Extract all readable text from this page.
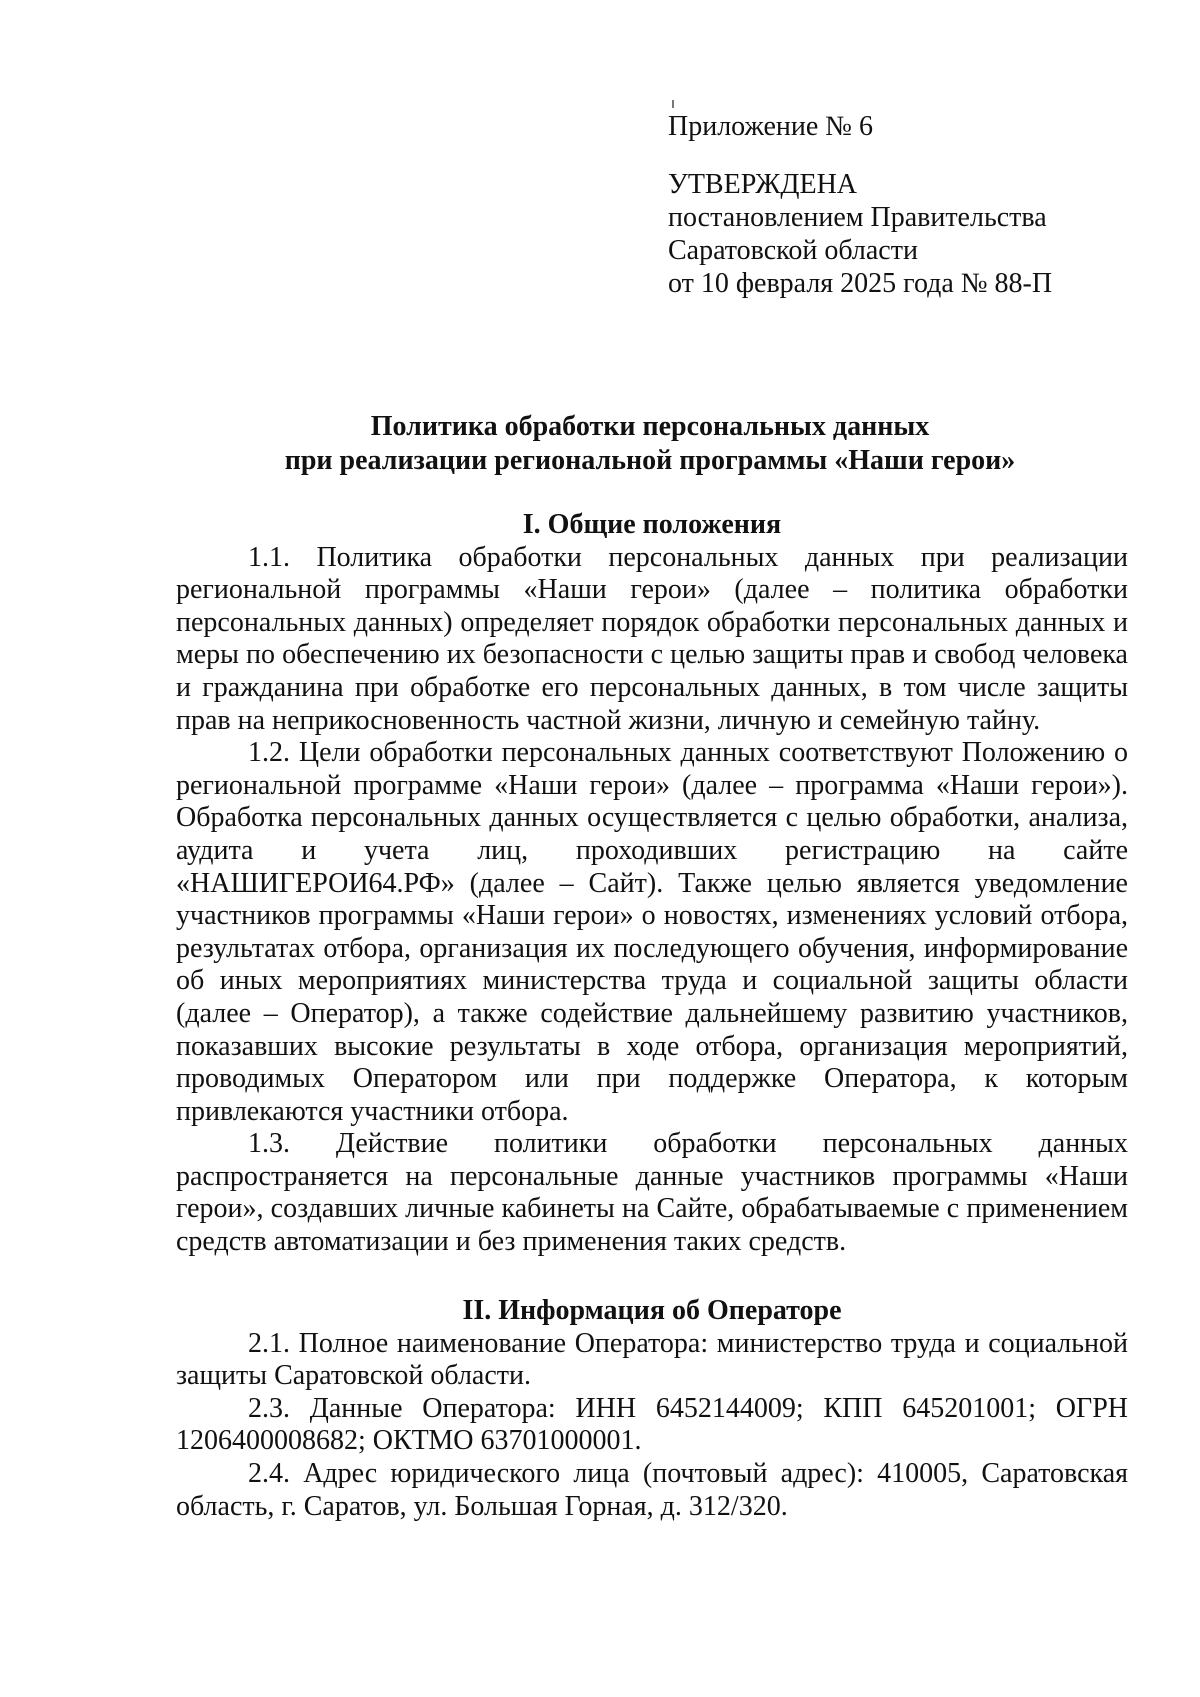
Приложение № 6
УТВЕРЖДЕНА
постановлением Правительства
Саратовской области
от 10 февраля 2025 года № 88-П
Политика обработки персональных данных
при реализации региональной программы «Наши герои»

I. Общие положения

1.1. Политика обработки персональных данных при реализации региональной программы «Наши герои» (далее – политика обработки персональных данных) определяет порядок обработки персональных данных и меры по обеспечению их безопасности с целью защиты прав и свобод человека и гражданина при обработке его персональных данных, в том числе защиты прав на неприкосновенность частной жизни, личную и семейную тайну.

1.2. Цели обработки персональных данных соответствуют Положению о региональной программе «Наши герои» (далее – программа «Наши герои»). Обработка персональных данных осуществляется с целью обработки, анализа, аудита и учета лиц, проходивших регистрацию на сайте «НАШИГЕРОИ64.РФ» (далее – Сайт). Также целью является уведомление участников программы «Наши герои» о новостях, изменениях условий отбора, результатах отбора, организация их последующего обучения, информирование об иных мероприятиях министерства труда и социальной защиты области (далее – Оператор), а также содействие дальнейшему развитию участников, показавших высокие результаты в ходе отбора, организация мероприятий, проводимых Оператором или при поддержке Оператора, к которым привлекаются участники отбора.

1.3. Действие политики обработки персональных данных распространяется на персональные данные участников программы «Наши герои», создавших личные кабинеты на Сайте, обрабатываемые с применением средств автоматизации и без применения таких средств.

II. Информация об Операторе

2.1. Полное наименование Оператора: министерство труда и социальной защиты Саратовской области.

2.3. Данные Оператора: ИНН 6452144009; КПП 645201001; ОГРН 1206400008682; ОКТМО 63701000001.

2.4. Адрес юридического лица (почтовый адрес): 410005, Саратовская область, г. Саратов, ул. Большая Горная, д. 312/320.
